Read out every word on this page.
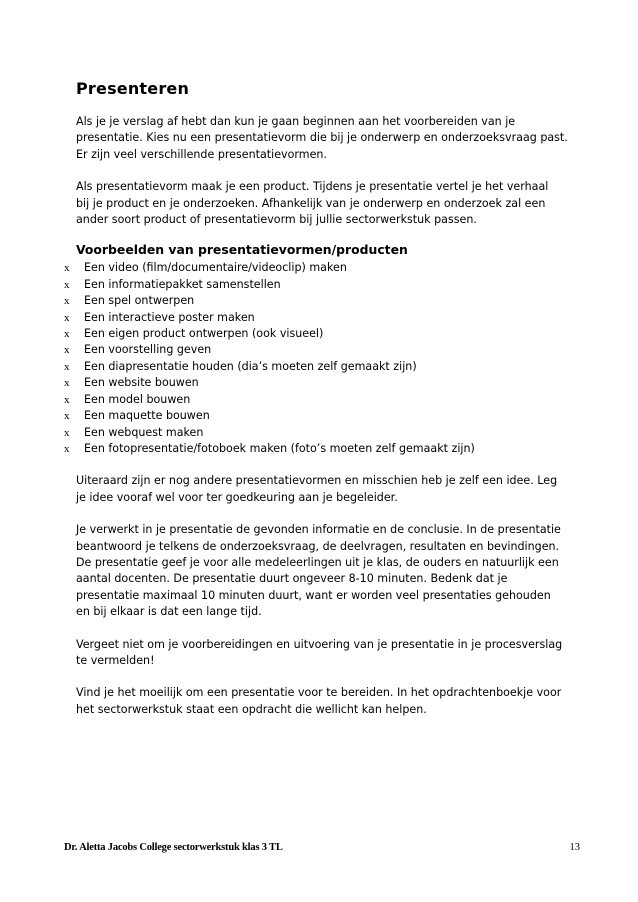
Presenteren
Als je je verslag af hebt dan kun je gaan beginnen aan het voorbereiden van je
presentatie. Kies nu een presentatievorm die bij je onderwerp en onderzoeksvraag past.
Er zijn veel verschillende presentatievormen.
Als presentatievorm maak je een product. Tijdens je presentatie vertel je het verhaal
bij je product en je onderzoeken. Afhankelijk van je onderwerp en onderzoek zal een
ander soort product of presentatievorm bij jullie sectorwerkstuk passen.
Voorbeelden van presentatievormen/producten
x	Een video (film/documentaire/videoclip) maken
x	Een informatiepakket samenstellen
x	Een spel ontwerpen
x	Een interactieve poster maken
x	Een eigen product ontwerpen (ook visueel)
x	Een voorstelling geven
x	Een diapresentatie houden (dia’s moeten zelf gemaakt zijn)
x	Een website bouwen
x	Een model bouwen
x	Een maquette bouwen
x	Een webquest maken
x	Een fotopresentatie/fotoboek maken (foto’s moeten zelf gemaakt zijn)
Uiteraard zijn er nog andere presentatievormen en misschien heb je zelf een idee. Leg
je idee vooraf wel voor ter goedkeuring aan je begeleider.
Je verwerkt in je presentatie de gevonden informatie en de conclusie. In de presentatie
beantwoord je telkens de onderzoeksvraag, de deelvragen, resultaten en bevindingen.
De presentatie geef je voor alle medeleerlingen uit je klas, de ouders en natuurlijk een
aantal docenten. De presentatie duurt ongeveer 8-10 minuten. Bedenk dat je
presentatie maximaal 10 minuten duurt, want er worden veel presentaties gehouden
en bij elkaar is dat een lange tijd.
Vergeet niet om je voorbereidingen en uitvoering van je presentatie in je procesverslag
te vermelden!
Vind je het moeilijk om een presentatie voor te bereiden. In het opdrachtenboekje voor
het sectorwerkstuk staat een opdracht die wellicht kan helpen.
Dr. Aletta Jacobs College sectorwerkstuk klas 3 TL	13
